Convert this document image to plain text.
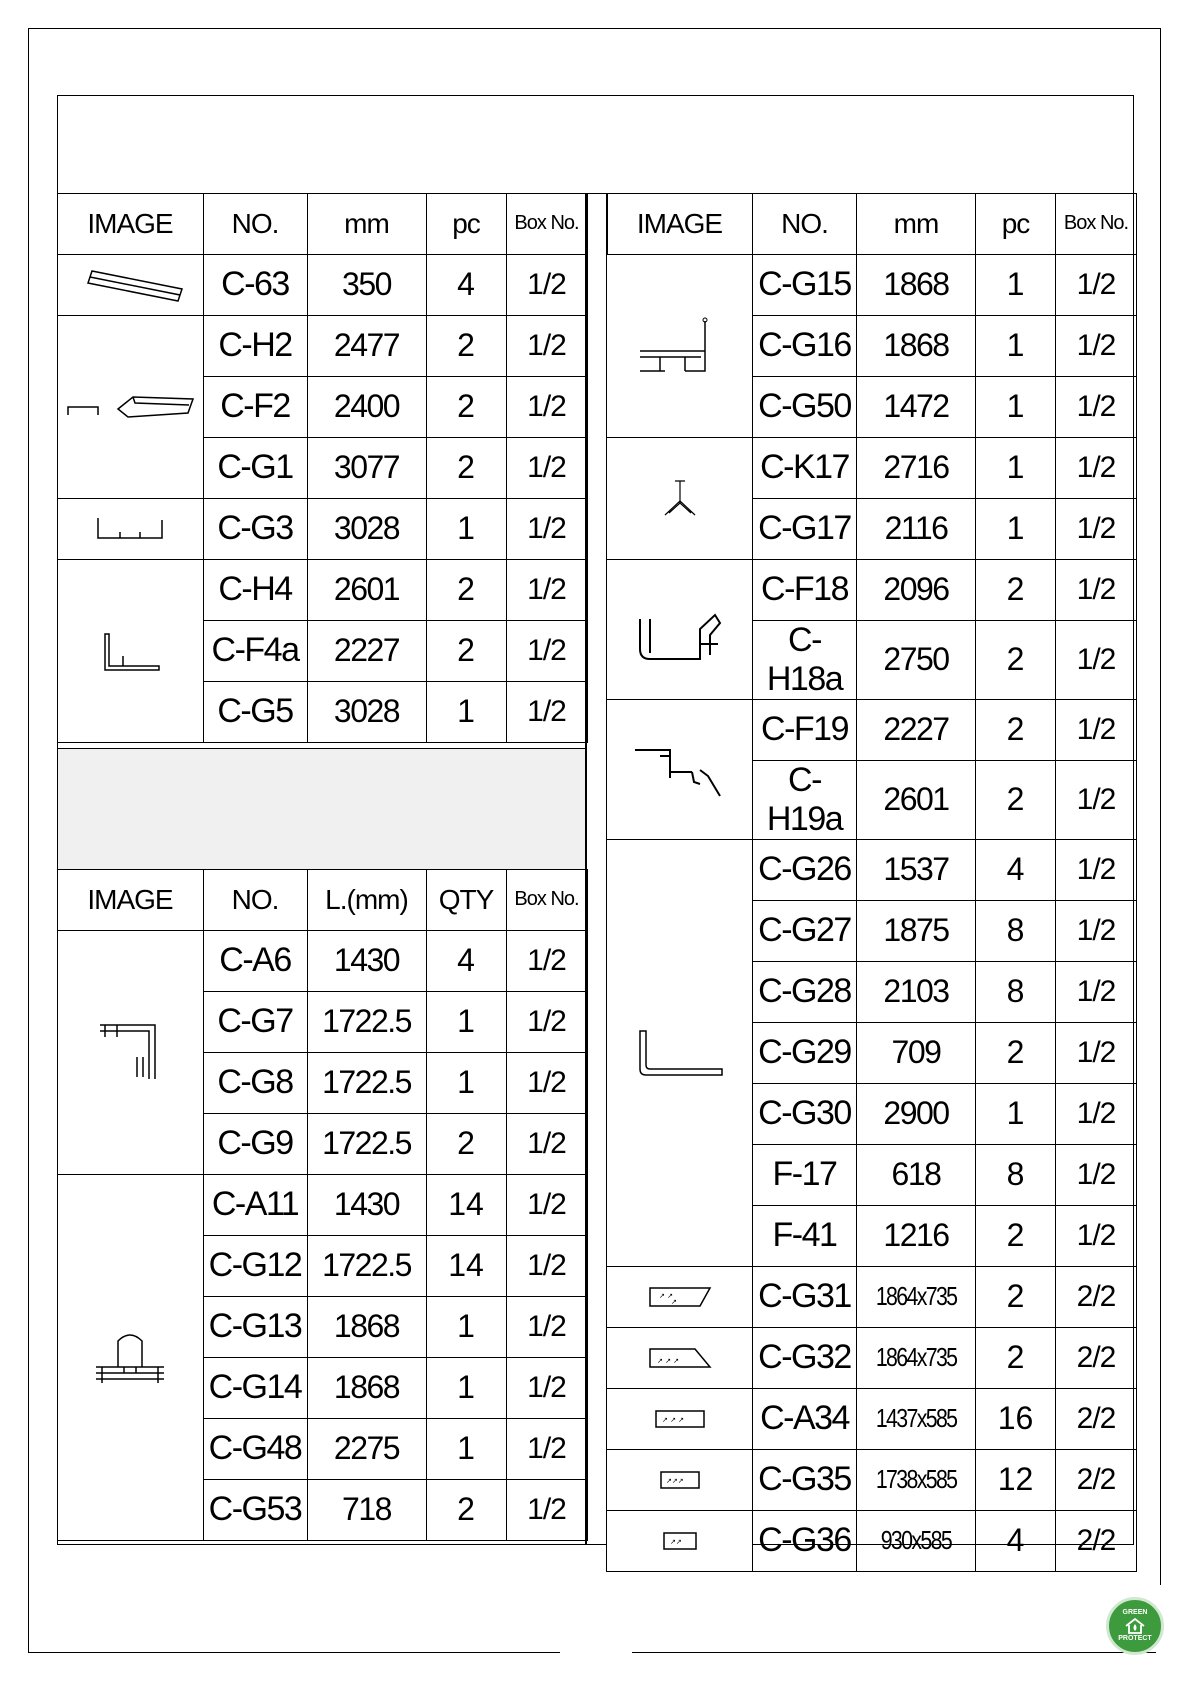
IMAGE	NO.	mm	pc	Box No.

	C-63	350	4	1/2

	C-H2	2477	2	1/2
	C-F2	2400	2	1/2
	C-G1	3077	2	1/2

	C-G3	3028	1	1/2

	C-H4	2601	2	1/2
	C-F4a	2227	2	1/2
	C-G5	3028	1	1/2
IMAGE	NO.	L.(mm)	QTY	Box No.

	C-A6	1430	4	1/2
	C-G7	1722.5	1	1/2
	C-G8	1722.5	1	1/2
	C-G9	1722.5	2	1/2

	C-A11	1430	14	1/2
	C-G12	1722.5	14	1/2
	C-G13	1868	1	1/2
	C-G14	1868	1	1/2
	C-G48	2275	1	1/2
	C-G53	718	2	1/2
IMAGE	NO.	mm	pc	Box No.

	C-G15	1868	1	1/2
	C-G16	1868	1	1/2
	C-G50	1472	1	1/2

	C-K17	2716	1	1/2
	C-G17	2116	1	1/2

	C-F18	2096	2	1/2
	C-H18a	2750	2	1/2

	C-F19	2227	2	1/2
	C-H19a	2601	2	1/2

	C-G26	1537	4	1/2
	C-G27	1875	8	1/2
	C-G28	2103	8	1/2
	C-G29	709	2	1/2
	C-G30	2900	1	1/2
	F-17	618	8	1/2
	F-41	1216	2	1/2

↗ ↗
↗	C-G31	1864x735	2	2/2

↗ ↗ ↗	C-G32	1864x735	2	2/2

↗ ↗ ↗	C-A34	1437x585	16	2/2

↗↗↗	C-G35	1738x585	12	2/2

↗↗	C-G36	930x585	4	2/2
GREEN
PROTECT
